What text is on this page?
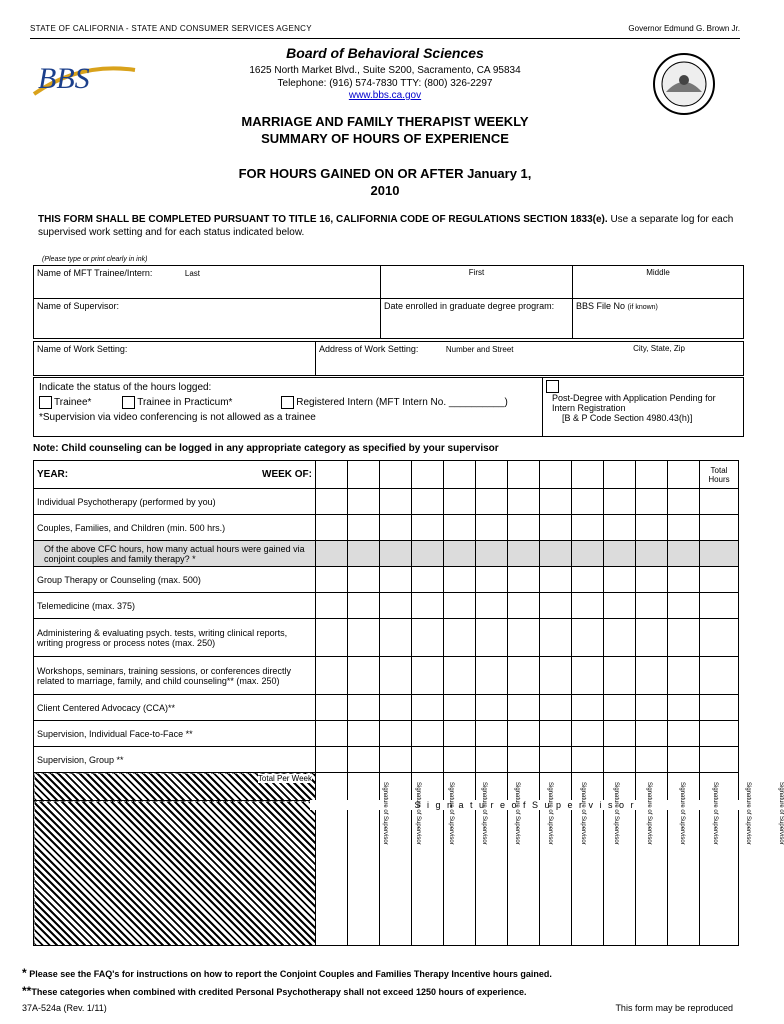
STATE OF CALIFORNIA - STATE AND CONSUMER SERVICES AGENCY	Governor Edmund G. Brown Jr.
BBS
Board of Behavioral Sciences
1625 North Market Blvd., Suite S200, Sacramento, CA 95834
Telephone: (916) 574-7830 TTY: (800) 326-2297
www.bbs.ca.gov
MARRIAGE AND FAMILY THERAPIST WEEKLY
SUMMARY OF HOURS OF EXPERIENCE
FOR HOURS GAINED ON OR AFTER January 1,
2010
THIS FORM SHALL BE COMPLETED PURSUANT TO TITLE 16, CALIFORNIA CODE OF REGULATIONS SECTION 1833(e). Use a separate log for each supervised work setting and for each status indicated below.
(Please type or print clearly in ink)
Name of MFT Trainee/Intern: Last	First	Middle
Name of Supervisor:	Date enrolled in graduate degree program:	BBS File No (if known)
Name of Work Setting:	Address of Work Setting:	Number and Street	City, State, Zip
Indicate the status of the hours logged:
Trainee*	Trainee in Practicum*	Registered Intern (MFT Intern No. __________)
*Supervision via video conferencing is not allowed as a trainee

Post-Degree with Application Pending for Intern Registration
[B & P Code Section 4980.43(h)]
Note: Child counseling can be logged in any appropriate category as specified by your supervisor
YEAR: WEEK OF:													Total Hours
Individual Psychotherapy (performed by you)													
Couples, Families, and Children (min. 500 hrs.)													
Of the above CFC hours, how many actual hours were gained via conjoint couples and family therapy? *													
Group Therapy or Counseling (max. 500)													
Telemedicine (max. 375)													
Administering & evaluating psych. tests, writing clinical reports, writing progress or process notes (max. 250)													
Workshops, seminars, training sessions, or conferences directly related to marriage, family, and child counseling** (max. 250)													
Client Centered Advocacy (CCA)**													
Supervision, Individual Face-to-Face **													
Supervision, Group **													
Total Per Week													

S i g n a t u r e o f S u p e r v i s o r
Signature of Supervisor	Signature of Supervisor	Signature of Supervisor	Signature of Supervisor	Signature of Supervisor	Signature of Supervisor	Signature of Supervisor	Signature of Supervisor	Signature of Supervisor	Signature of Supervisor	Signature of Supervisor	Signature of Supervisor	Signature of Supervisor
* Please see the FAQ's for instructions on how to report the Conjoint Couples and Families Therapy Incentive hours gained.
**These categories when combined with credited Personal Psychotherapy shall not exceed 1250 hours of experience.
37A-524a (Rev. 1/11)	This form may be reproduced
